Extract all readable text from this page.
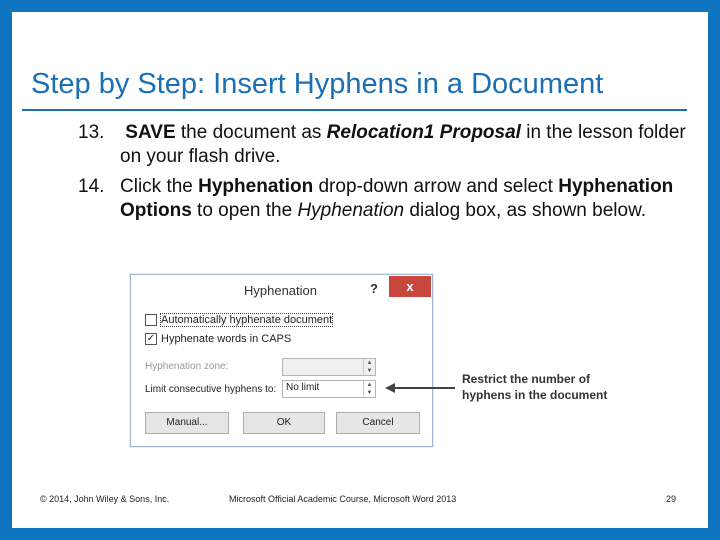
Step by Step: Insert Hyphens in a Document
13. SAVE the document as Relocation1 Proposal in the lesson folder on your flash drive.
14. Click the Hyphenation drop-down arrow and select Hyphenation Options to open the Hyphenation dialog box, as shown below.
Hyphenation	?	x
Automatically hyphenate document
✓ Hyphenate words in CAPS
Hyphenation zone:	▲
▼
Limit consecutive hyphens to: No limit	▲
▼
Manual...	OK	Cancel
Restrict the number of hyphens in the document
© 2014, John Wiley & Sons, Inc.	Microsoft Official Academic Course, Microsoft Word 2013	29
